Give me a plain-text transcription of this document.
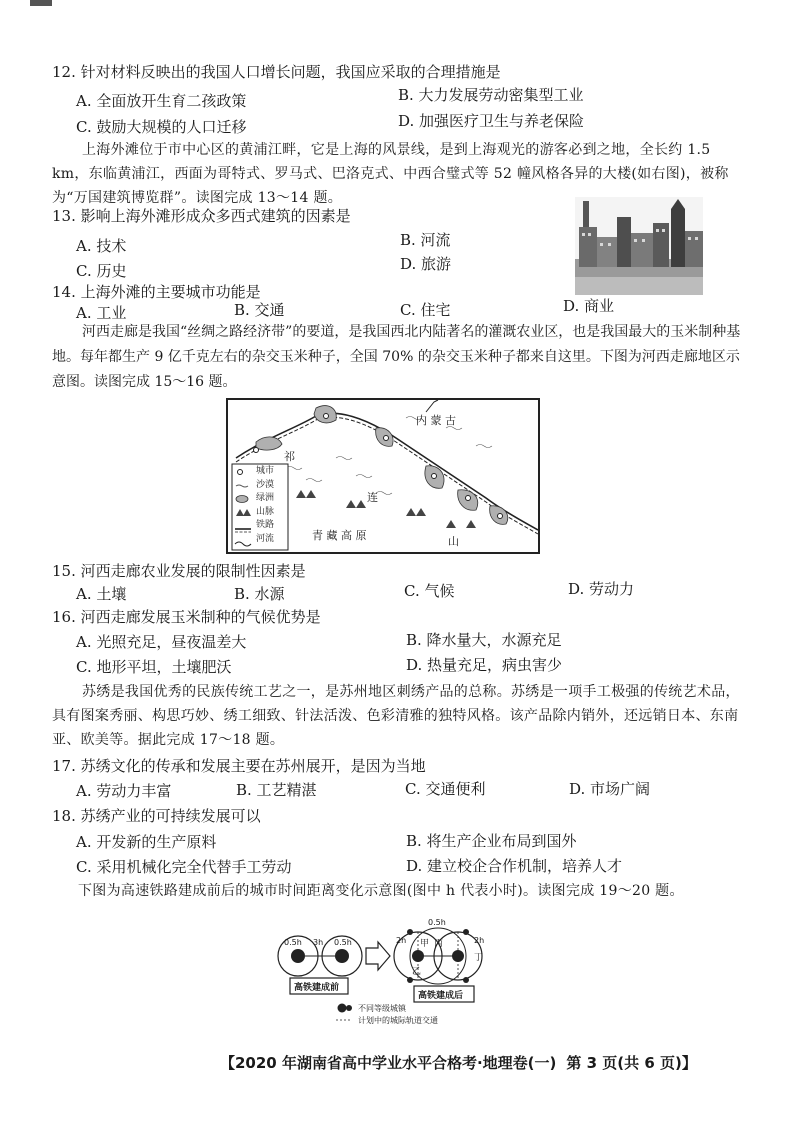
12. 针对材料反映出的我国人口增长问题，我国应采取的合理措施是
A. 全面放开生育二孩政策	B. 大力发展劳动密集型工业
C. 鼓励大规模的人口迁移	D. 加强医疗卫生与养老保险
上海外滩位于市中心区的黄浦江畔，它是上海的风景线，是到上海观光的游客必到之地，全长约 1.5 km，东临黄浦江，西面为哥特式、罗马式、巴洛克式、中西合璧式等 52 幢风格各异的大楼(如右图)，被称为“万国建筑博览群”。读图完成 13～14 题。
13. 影响上海外滩形成众多西式建筑的因素是
A. 技术	B. 河流
C. 历史	D. 旅游
14. 上海外滩的主要城市功能是
A. 工业	B. 交通	C. 住宅	D. 商业
河西走廊是我国“丝绸之路经济带”的要道，是我国西北内陆著名的灌溉农业区，也是我国最大的玉米制种基地。每年都生产 9 亿千克左右的杂交玉米种子，全国 70% 的杂交玉米种子都来自这里。下图为河西走廊地区示意图。读图完成 15～16 题。
内 蒙 古
祁
连
山
青 藏 高 原
城市
沙漠
绿洲
山脉
铁路
河流
15. 河西走廊农业发展的限制性因素是
A. 土壤	B. 水源	C. 气候	D. 劳动力
16. 河西走廊发展玉米制种的气候优势是
A. 光照充足，昼夜温差大	B. 降水量大，水源充足
C. 地形平坦，土壤肥沃	D. 热量充足，病虫害少
苏绣是我国优秀的民族传统工艺之一，是苏州地区刺绣产品的总称。苏绣是一项手工极强的传统艺术品，具有图案秀丽、构思巧妙、绣工细致、针法活泼、色彩清雅的独特风格。该产品除内销外，还远销日本、东南亚、欧美等。据此完成 17～18 题。
17. 苏绣文化的传承和发展主要在苏州展开，是因为当地
A. 劳动力丰富	B. 工艺精湛	C. 交通便利	D. 市场广阔
18. 苏绣产业的可持续发展可以
A. 开发新的生产原料	B. 将生产企业布局到国外
C. 采用机械化完全代替手工劳动	D. 建立校企合作机制，培养人才
下图为高速铁路建成前后的城市时间距离变化示意图(图中 h 代表小时)。读图完成 19～20 题。
0.5h 3h 0.5h
高铁建成前
0.5h
2h	2h
甲
乙
丙
丁
高铁建成后
不同等级城镇
计划中的城际轨道交通
【2020 年湖南省高中学业水平合格考·地理卷(一) 第 3 页(共 6 页)】
